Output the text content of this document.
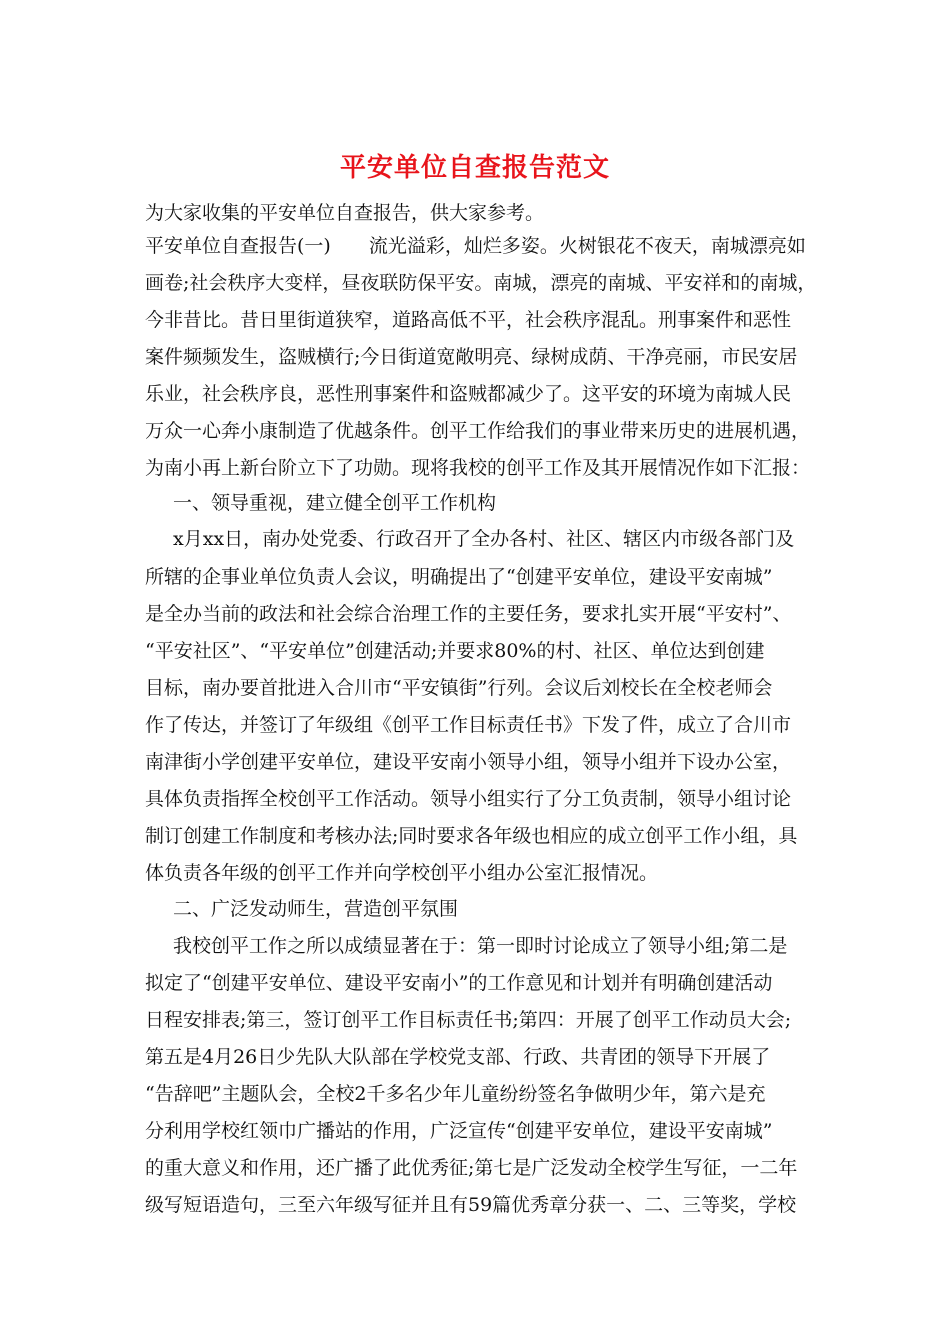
平安单位自查报告范文
为大家收集的平安单位自查报告，供大家参考。
平安单位自查报告(一)　　流光溢彩，灿烂多姿。火树银花不夜天，南城漂亮如
画卷;社会秩序大变样，昼夜联防保平安。南城，漂亮的南城、平安祥和的南城，
今非昔比。昔日里街道狭窄，道路高低不平，社会秩序混乱。刑事案件和恶性
案件频频发生，盗贼横行;今日街道宽敞明亮、绿树成荫、干净亮丽，市民安居
乐业，社会秩序良，恶性刑事案件和盗贼都减少了。这平安的环境为南城人民
万众一心奔小康制造了优越条件。创平工作给我们的事业带来历史的进展机遇，
为南小再上新台阶立下了功勋。现将我校的创平工作及其开展情况作如下汇报：
一、领导重视，建立健全创平工作机构
x月xx日，南办处党委、行政召开了全办各村、社区、辖区内市级各部门及
所辖的企事业单位负责人会议，明确提出了“创建平安单位，建设平安南城”
是全办当前的政法和社会综合治理工作的主要任务，要求扎实开展“平安村”、
“平安社区”、“平安单位”创建活动;并要求80%的村、社区、单位达到创建
目标，南办要首批进入合川市“平安镇街”行列。会议后刘校长在全校老师会
作了传达，并签订了年级组《创平工作目标责任书》下发了件，成立了合川市
南津街小学创建平安单位，建设平安南小领导小组，领导小组并下设办公室，
具体负责指挥全校创平工作活动。领导小组实行了分工负责制，领导小组讨论
制订创建工作制度和考核办法;同时要求各年级也相应的成立创平工作小组，具
体负责各年级的创平工作并向学校创平小组办公室汇报情况。
二、广泛发动师生，营造创平氛围
我校创平工作之所以成绩显著在于：第一即时讨论成立了领导小组;第二是
拟定了“创建平安单位、建设平安南小”的工作意见和计划并有明确创建活动
日程安排表;第三，签订创平工作目标责任书;第四：开展了创平工作动员大会;
第五是4月26日少先队大队部在学校党支部、行政、共青团的领导下开展了
“告辞吧”主题队会，全校2千多名少年儿童纷纷签名争做明少年，第六是充
分利用学校红领巾广播站的作用，广泛宣传“创建平安单位，建设平安南城”
的重大意义和作用，还广播了此优秀征;第七是广泛发动全校学生写征，一二年
级写短语造句，三至六年级写征并且有59篇优秀章分获一、二、三等奖，学校
